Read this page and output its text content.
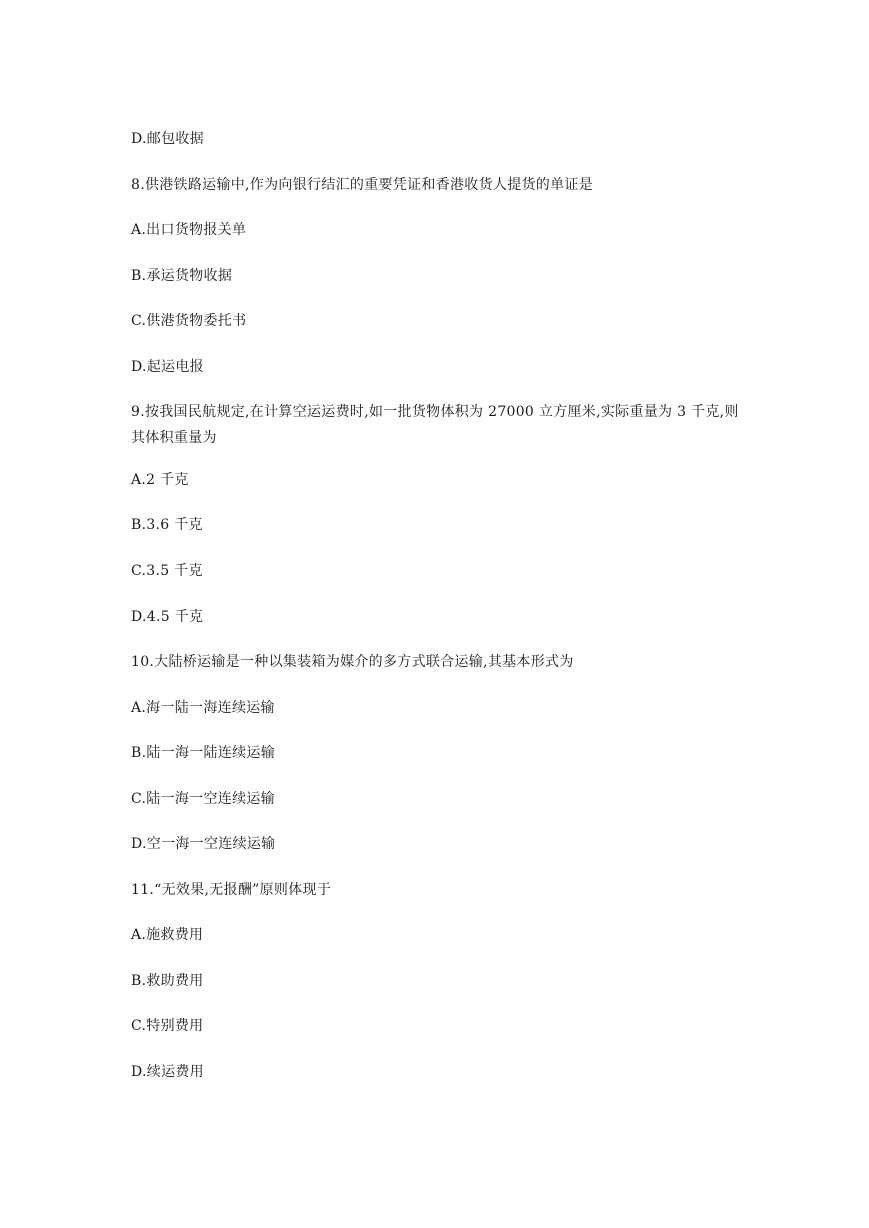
D.邮包收据
8.供港铁路运输中,作为向银行结汇的重要凭证和香港收货人提货的单证是
A.出口货物报关单
B.承运货物收据
C.供港货物委托书
D.起运电报
9.按我国民航规定,在计算空运运费时,如一批货物体积为 27000 立方厘米,实际重量为 3 千克,则其体积重量为
A.2 千克
B.3.6 千克
C.3.5 千克
D.4.5 千克
10.大陆桥运输是一种以集装箱为媒介的多方式联合运输,其基本形式为
A.海一陆一海连续运输
B.陆一海一陆连续运输
C.陆一海一空连续运输
D.空一海一空连续运输
11.“无效果,无报酬”原则体现于
A.施救费用
B.救助费用
C.特别费用
D.续运费用
